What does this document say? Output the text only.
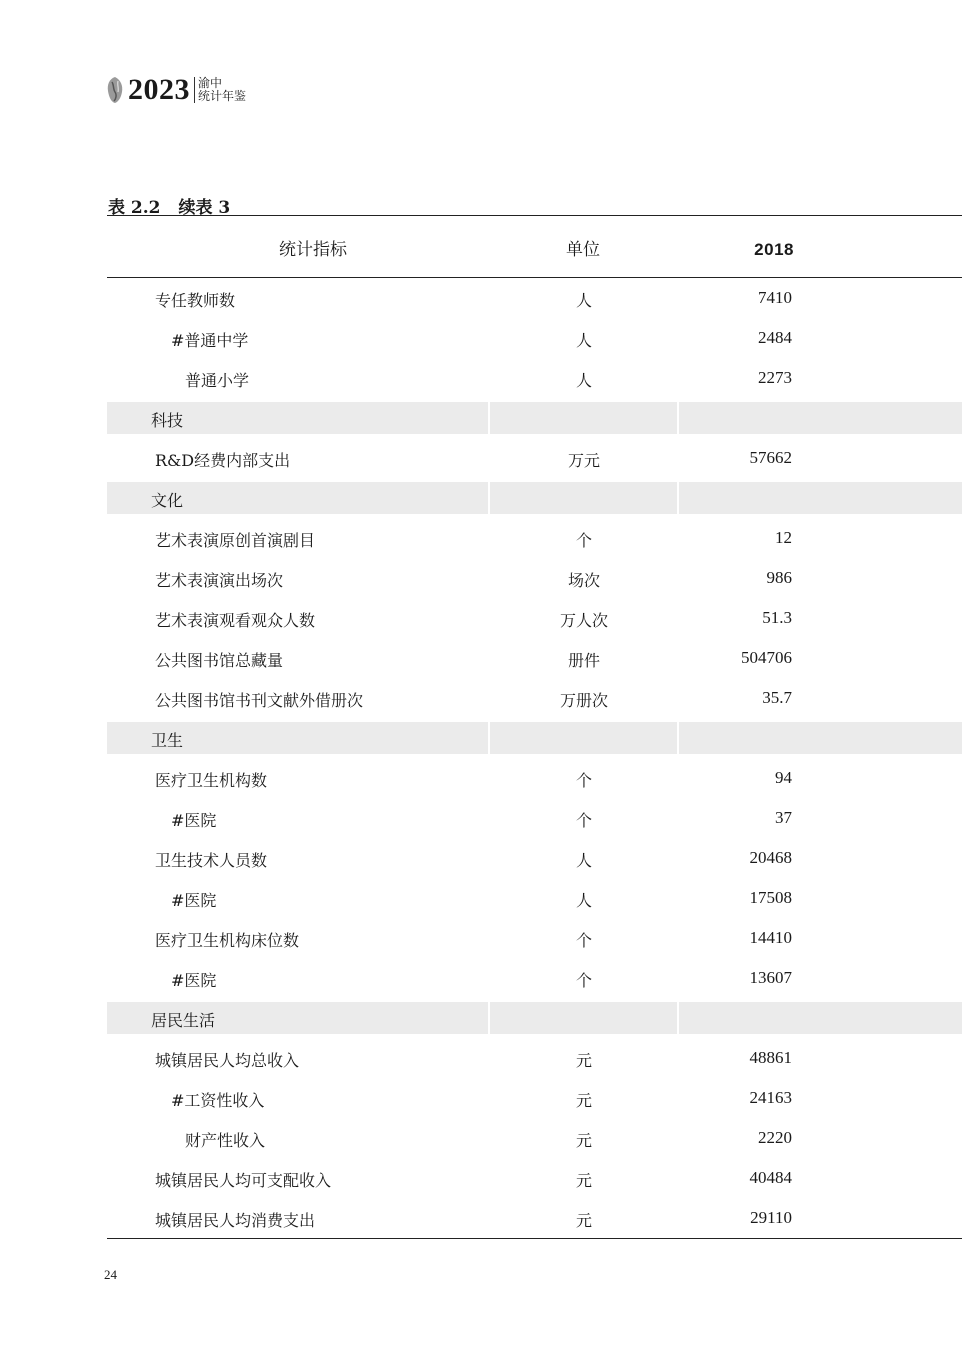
2023 渝中
统计年鉴
表 2.2 续表 3
统计指标	单位	2018
专任教师数	人	7410
#普通中学	人	2484
普通小学	人	2273
科技
R&D经费内部支出	万元	57662
文化
艺术表演原创首演剧目	个	12
艺术表演演出场次	场次	986
艺术表演观看观众人数	万人次	51.3
公共图书馆总藏量	册件	504706
公共图书馆书刊文献外借册次	万册次	35.7
卫生
医疗卫生机构数	个	94
#医院	个	37
卫生技术人员数	人	20468
#医院	人	17508
医疗卫生机构床位数	个	14410
#医院	个	13607
居民生活
城镇居民人均总收入	元	48861
#工资性收入	元	24163
财产性收入	元	2220
城镇居民人均可支配收入	元	40484
城镇居民人均消费支出	元	29110
24
